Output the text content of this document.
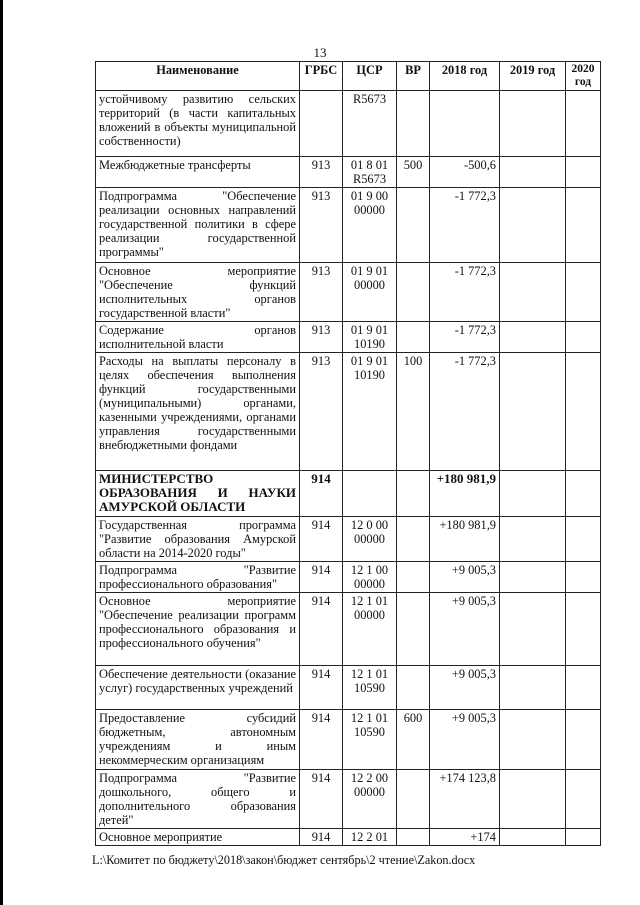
13
Наименование	ГРБС	ЦСР	ВР	2018 год	2019 год	2020 год
устойчивому развитию сельских территорий (в части капитальных вложений в объекты муниципальной собственности)		R5673				
Межбюджетные трансферты	913	01 8 01 R5673	500	-500,6		
Подпрограмма "Обеспечение реализации основных направлений государственной политики в сфере реализации государственной программы"	913	01 9 00 00000		-1 772,3		
Основное мероприятие "Обеспечение функций исполнительных органов государственной власти"	913	01 9 01 00000		-1 772,3		
Содержание органов исполнительной власти	913	01 9 01 10190		-1 772,3		
Расходы на выплаты персоналу в целях обеспечения выполнения функций государственными (муниципальными) органами, казенными учреждениями, органами управления государственными внебюджетными фондами	913	01 9 01 10190	100	-1 772,3		
МИНИСТЕРСТВО ОБРАЗОВАНИЯ И НАУКИ АМУРСКОЙ ОБЛАСТИ	914			+180 981,9		
Государственная программа "Развитие образования Амурской области на 2014-2020 годы"	914	12 0 00 00000		+180 981,9		
Подпрограмма "Развитие профессионального образования"	914	12 1 00 00000		+9 005,3		
Основное мероприятие "Обеспечение реализации программ профессионального образования и профессионального обучения"	914	12 1 01 00000		+9 005,3		
Обеспечение деятельности (оказание услуг) государственных учреждений	914	12 1 01 10590		+9 005,3		
Предоставление субсидий бюджетным, автономным учреждениям и иным некоммерческим организациям	914	12 1 01 10590	600	+9 005,3		
Подпрограмма "Развитие дошкольного, общего и дополнительного образования детей"	914	12 2 00 00000		+174 123,8		
Основное мероприятие	914	12 2 01		+174		
L:\Комитет по бюджету\2018\закон\бюджет сентябрь\2 чтение\Zakon.docx
